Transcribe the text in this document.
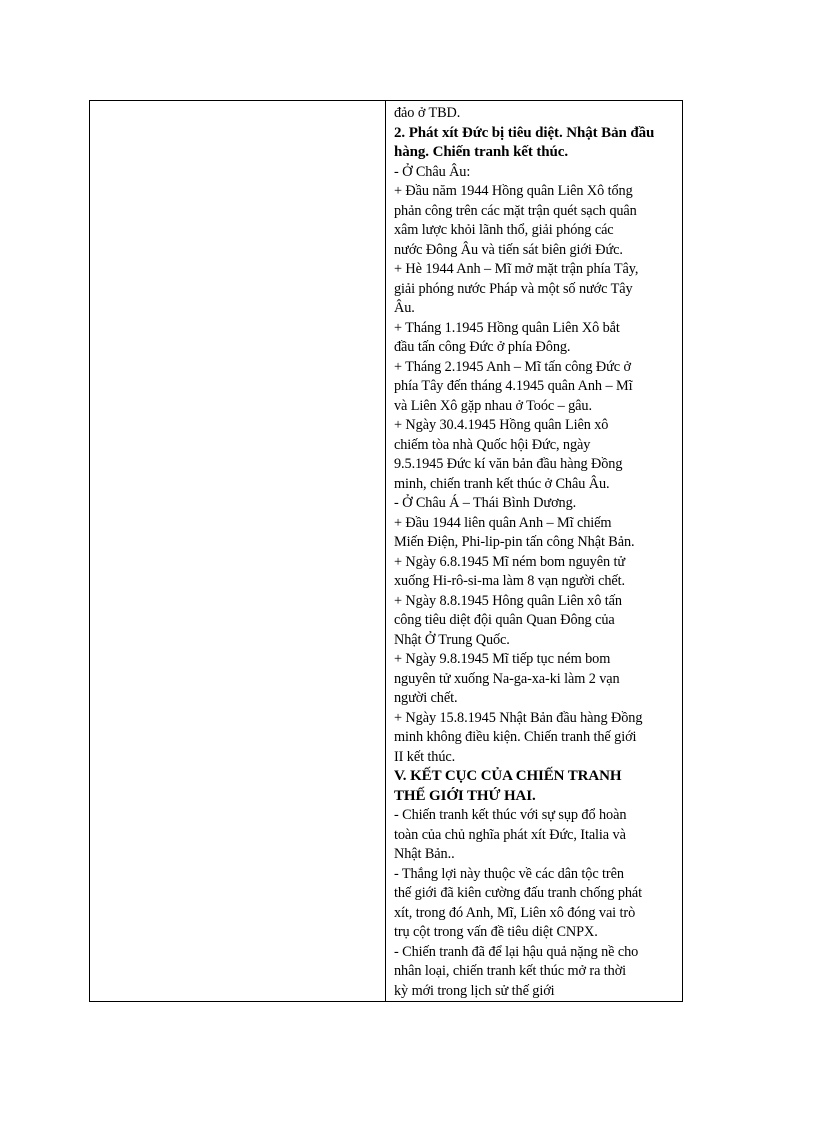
đảo ở TBD.
2. Phát xít Đức bị tiêu diệt. Nhật Bản đầu
hàng. Chiến tranh kết thúc.
- Ở Châu Âu:
+ Đầu năm 1944 Hồng quân Liên Xô tổng
phản công trên các mặt trận quét sạch quân
xâm lược khỏi lãnh thổ, giải phóng các
nước Đông Âu và tiến sát biên giới Đức.
+ Hè 1944 Anh – Mĩ mở mặt trận phía Tây,
giải phóng nước Pháp và một số nước Tây
Âu.
+ Tháng 1.1945 Hồng quân Liên Xô bắt
đầu tấn công Đức ở phía Đông.
+ Tháng 2.1945 Anh – Mĩ tấn công Đức ở
phía Tây đến tháng 4.1945 quân Anh – Mĩ
và Liên Xô gặp nhau ở Toóc – gâu.
+ Ngày 30.4.1945 Hồng quân Liên xô
chiếm tòa nhà Quốc hội Đức, ngày
9.5.1945 Đức kí văn bản đầu hàng Đồng
minh, chiến tranh kết thúc ở Châu Âu.
- Ở Châu Á – Thái Bình Dương.
+ Đầu 1944 liên quân Anh – Mĩ chiếm
Miến Điện, Phi-lip-pin tấn công Nhật Bản.
+ Ngày 6.8.1945 Mĩ ném bom nguyên tử
xuống Hi-rô-si-ma làm 8 vạn người chết.
+ Ngày 8.8.1945 Hông quân Liên xô tấn
công tiêu diệt đội quân Quan Đông của
Nhật Ở Trung Quốc.
+ Ngày 9.8.1945 Mĩ tiếp tục ném bom
nguyên tử xuống Na-ga-xa-ki làm 2 vạn
người chết.
+ Ngày 15.8.1945 Nhật Bản đầu hàng Đồng
minh không điều kiện. Chiến tranh thế giới
II kết thúc.
V. KẾT CỤC CỦA CHIẾN TRANH
THẾ GIỚI THỨ HAI.
- Chiến tranh kết thúc với sự sụp đổ hoàn
toàn của chủ nghĩa phát xít Đức, Italia và
Nhật Bản..
- Thắng lợi này thuộc về các dân tộc trên
thế giới đã kiên cường đấu tranh chống phát
xít, trong đó Anh, Mĩ, Liên xô đóng vai trò
trụ cột trong vấn đề tiêu diệt CNPX.
- Chiến tranh đã để lại hậu quả nặng nề cho
nhân loại, chiến tranh kết thúc mở ra thời
kỳ mới trong lịch sử thế giới
